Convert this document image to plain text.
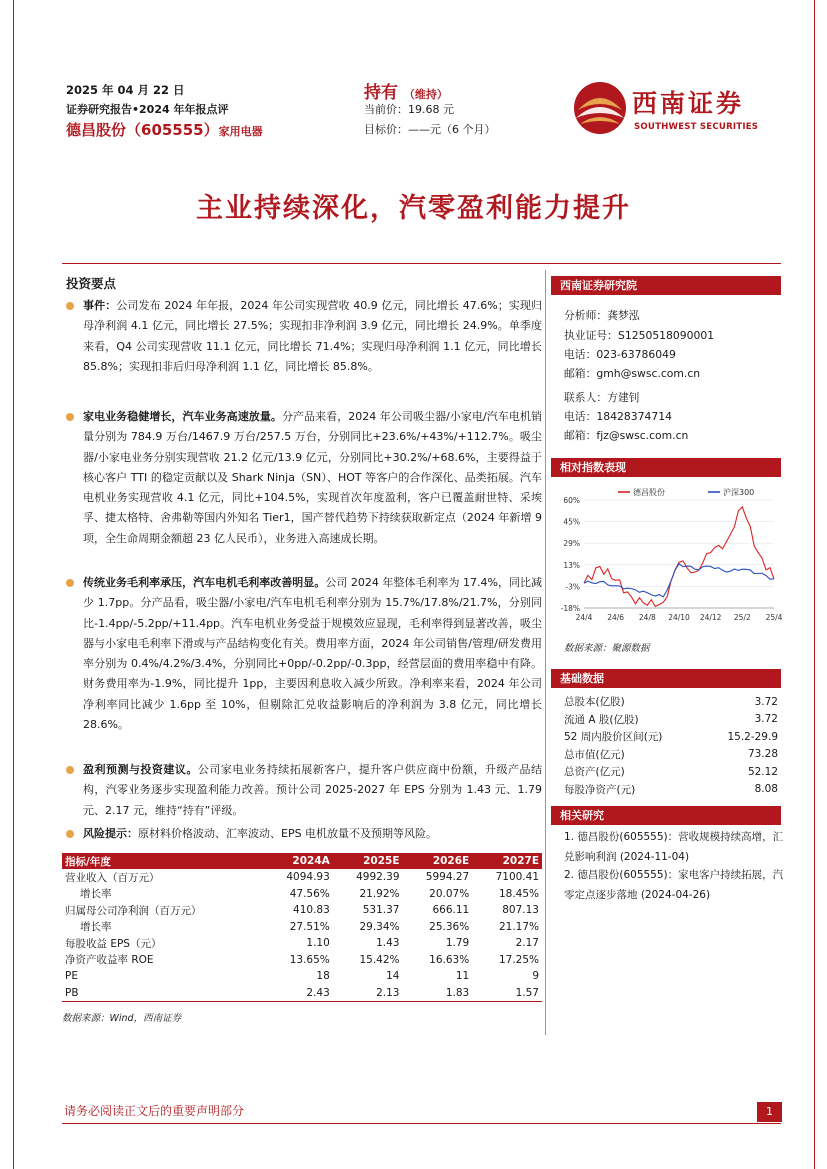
2025 年 04 月 22 日
证券研究报告•2024 年年报点评
德昌股份（605555）家用电器
持有 （维持）
当前价：19.68 元
目标价：——元（6 个月）
西南证券
SOUTHWEST SECURITIES
主业持续深化，汽零盈利能力提升
投资要点
事件：公司发布 2024 年年报，2024 年公司实现营收 40.9 亿元，同比增长 47.6%；实现归母净利润 4.1 亿元，同比增长 27.5%；实现扣非净利润 3.9 亿元，同比增长 24.9%。单季度来看，Q4 公司实现营收 11.1 亿元，同比增长 71.4%；实现归母净利润 1.1 亿元，同比增长 85.8%；实现扣非后归母净利润 1.1 亿，同比增长 85.8%。
家电业务稳健增长，汽车业务高速放量。分产品来看，2024 年公司吸尘器/小家电/汽车电机销量分别为 784.9 万台/1467.9 万台/257.5 万台，分别同比+23.6%/+43%/+112.7%。吸尘器/小家电业务分别实现营收 21.2 亿元/13.9 亿元，分别同比+30.2%/+68.6%，主要得益于核心客户 TTI 的稳定贡献以及 Shark Ninja（SN）、HOT 等客户的合作深化、品类拓展。汽车电机业务实现营收 4.1 亿元，同比+104.5%，实现首次年度盈利，客户已覆盖耐世特、采埃孚、捷太格特、舍弗勒等国内外知名 Tier1，国产替代趋势下持续获取新定点（2024 年新增 9 项，全生命周期金额超 23 亿人民币），业务进入高速成长期。
传统业务毛利率承压，汽车电机毛利率改善明显。公司 2024 年整体毛利率为 17.4%，同比减少 1.7pp。分产品看，吸尘器/小家电/汽车电机毛利率分别为 15.7%/17.8%/21.7%，分别同比-1.4pp/-5.2pp/+11.4pp。汽车电机业务受益于规模效应显现，毛利率得到显著改善，吸尘器与小家电毛利率下滑或与产品结构变化有关。费用率方面，2024 年公司销售/管理/研发费用率分别为 0.4%/4.2%/3.4%，分别同比+0pp/-0.2pp/-0.3pp，经营层面的费用率稳中有降。财务费用率为-1.9%，同比提升 1pp，主要因利息收入减少所致。净利率来看，2024 年公司净利率同比减少 1.6pp 至 10%，但剔除汇兑收益影响后的净利润为 3.8 亿元，同比增长 28.6%。
盈利预测与投资建议。公司家电业务持续拓展新客户，提升客户供应商中份额，升级产品结构，汽零业务逐步实现盈利能力改善。预计公司 2025-2027 年 EPS 分别为 1.43 元、1.79 元、2.17 元，维持“持有”评级。
风险提示：原材料价格波动、汇率波动、EPS 电机放量不及预期等风险。
指标/年度	2024A	2025E	2026E	2027E
营业收入（百万元）	4094.93	4992.39	5994.27	7100.41
增长率	47.56%	21.92%	20.07%	18.45%
归属母公司净利润（百万元）	410.83	531.37	666.11	807.13
增长率	27.51%	29.34%	25.36%	21.17%
每股收益 EPS（元）	1.10	1.43	1.79	2.17
净资产收益率 ROE	13.65%	15.42%	16.63%	17.25%
PE	18	14	11	9
PB	2.43	2.13	1.83	1.57
数据来源：Wind，西南证券
西南证券研究院
分析师：龚梦泓
执业证号：S1250518090001
电话：023-63786049
邮箱：gmh@swsc.com.cn
联系人：方建钊
电话：18428374714
邮箱：fjz@swsc.com.cn
相对指数表现
60%
45%
29%
13%
-3%
-18%
24/4 24/6 24/8 24/10 24/12 25/2 25/4
德昌股份	沪深300
数据来源：聚源数据
基础数据
总股本(亿股)	3.72
流通 A 股(亿股)	3.72
52 周内股价区间(元)	15.2-29.9
总市值(亿元)	73.28
总资产(亿元)	52.12
每股净资产(元)	8.08
相关研究
1. 德昌股份(605555)：营收规模持续高增，汇兑影响利润 (2024-11-04)
2. 德昌股份(605555)：家电客户持续拓展，汽零定点逐步落地 (2024-04-26)
请务必阅读正文后的重要声明部分	1
